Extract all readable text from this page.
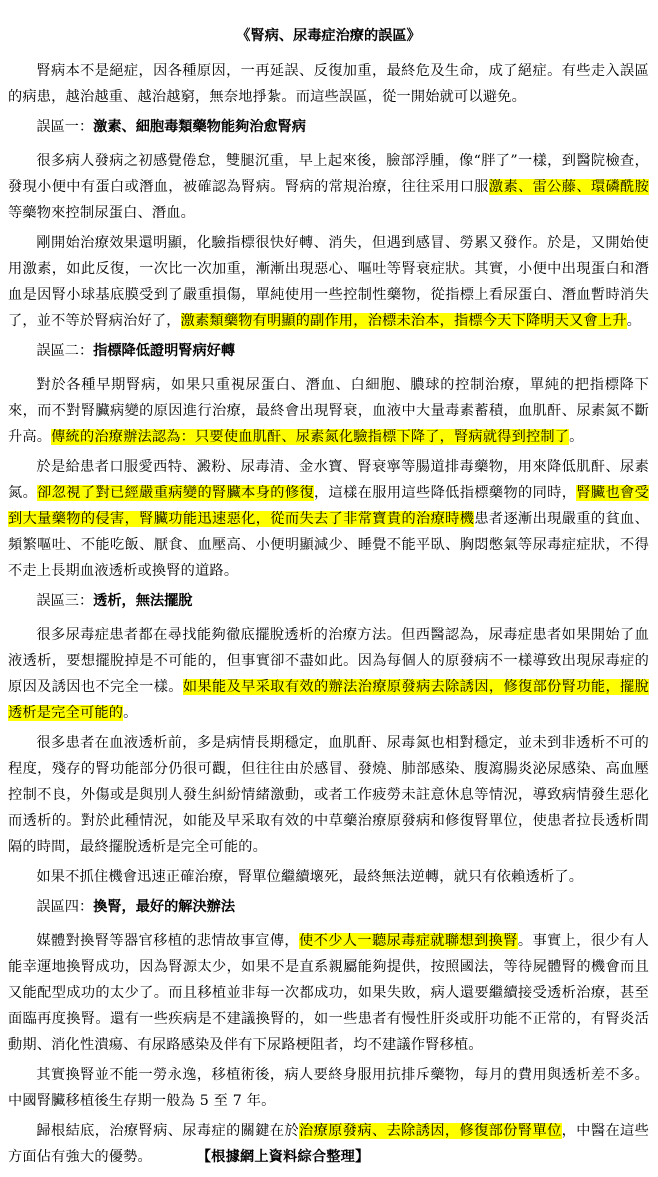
《腎病、尿毒症治療的誤區》

腎病本不是絕症，因各種原因，一再延誤、反復加重，最終危及生命，成了絕症。有些走入誤區的病患，越治越重、越治越窮，無奈地掙紮。而這些誤區，從一開始就可以避免。

誤區一：激素、細胞毒類藥物能夠治愈腎病

很多病人發病之初感覺倦怠，雙腿沉重，早上起來後，臉部浮腫，像“胖了”一樣，到醫院檢查，發現小便中有蛋白或潛血，被確認為腎病。腎病的常規治療，往往采用口服激素、雷公藤、環磷酰胺等藥物來控制尿蛋白、潛血。

剛開始治療效果還明顯，化驗指標很快好轉、消失，但遇到感冒、勞累又發作。於是，又開始使用激素，如此反復，一次比一次加重，漸漸出現惡心、嘔吐等腎衰症狀。其實，小便中出現蛋白和潛血是因腎小球基底膜受到了嚴重損傷，單純使用一些控制性藥物，從指標上看尿蛋白、潛血暫時消失了，並不等於腎病治好了，激素類藥物有明顯的副作用，治標未治本，指標今天下降明天又會上升。

誤區二：指標降低證明腎病好轉

對於各種早期腎病，如果只重視尿蛋白、潛血、白細胞、膿球的控制治療，單純的把指標降下來，而不對腎臟病變的原因進行治療，最終會出現腎衰，血液中大量毒素蓄積，血肌酐、尿素氮不斷升高。傳統的治療辦法認為：只要使血肌酐、尿素氮化驗指標下降了，腎病就得到控制了。

於是給患者口服愛西特、澱粉、尿毒清、金水寶、腎衰寧等腸道排毒藥物，用來降低肌酐、尿素氮。卻忽視了對已經嚴重病變的腎臟本身的修復，這樣在服用這些降低指標藥物的同時，腎臟也會受到大量藥物的侵害，腎臟功能迅速惡化，從而失去了非常寶貴的治療時機患者逐漸出現嚴重的貧血、頻繁嘔吐、不能吃飯、厭食、血壓高、小便明顯減少、睡覺不能平臥、胸悶憋氣等尿毒症症狀，不得不走上長期血液透析或換腎的道路。

誤區三：透析，無法擺脫

很多尿毒症患者都在尋找能夠徹底擺脫透析的治療方法。但西醫認為，尿毒症患者如果開始了血液透析，要想擺脫掉是不可能的，但事實卻不盡如此。因為每個人的原發病不一樣導致出現尿毒症的原因及誘因也不完全一樣。如果能及早采取有效的辦法治療原發病去除誘因，修復部份腎功能，擺脫透析是完全可能的。

很多患者在血液透析前，多是病情長期穩定，血肌酐、尿毒氮也相對穩定，並未到非透析不可的程度，殘存的腎功能部分仍很可觀，但往往由於感冒、發燒、肺部感染、腹瀉腸炎泌尿感染、高血壓控制不良，外傷或是與別人發生糾紛情緒激動，或者工作疲勞未註意休息等情況，導致病情發生惡化而透析的。對於此種情況，如能及早采取有效的中草藥治療原發病和修復腎單位，使患者拉長透析間隔的時間，最終擺脫透析是完全可能的。

如果不抓住機會迅速正確治療，腎單位繼續壞死，最終無法逆轉，就只有依賴透析了。

誤區四：換腎，最好的解決辦法

媒體對換腎等器官移植的悲情故事宣傳，使不少人一聽尿毒症就聯想到換腎。事實上，很少有人能幸運地換腎成功，因為腎源太少，如果不是直系親屬能夠提供，按照國法，等待屍體腎的機會而且又能配型成功的太少了。而且移植並非每一次都成功，如果失敗，病人還要繼續接受透析治療，甚至面臨再度換腎。還有一些疾病是不建議換腎的，如一些患者有慢性肝炎或肝功能不正常的，有腎炎活動期、消化性潰瘍、有尿路感染及伴有下尿路梗阻者，均不建議作腎移植。

其實換腎並不能一勞永逸，移植術後，病人要終身服用抗排斥藥物，每月的費用與透析差不多。中國腎臟移植後生存期一般為 5 至 7 年。

歸根結底，治療腎病、尿毒症的關鍵在於治療原發病、去除誘因，修復部份腎單位，中醫在這些方面佔有強大的優勢。	【根據網上資料綜合整理】
